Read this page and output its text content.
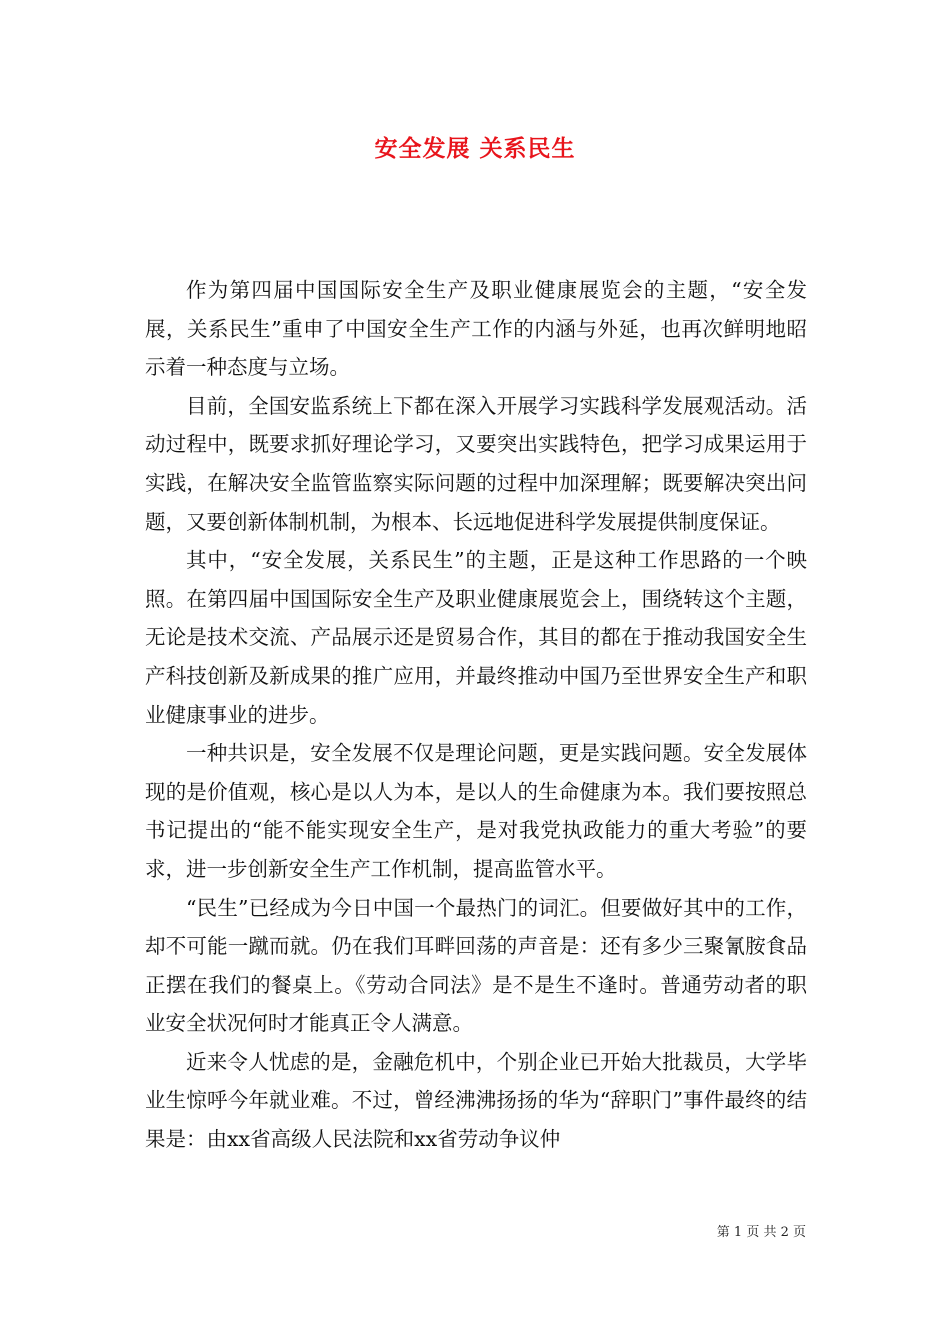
安全发展 关系民生

作为第四届中国国际安全生产及职业健康展览会的主题，“安全发展，关系民生”重申了中国安全生产工作的内涵与外延，也再次鲜明地昭示着一种态度与立场。

目前，全国安监系统上下都在深入开展学习实践科学发展观活动。活动过程中，既要求抓好理论学习，又要突出实践特色，把学习成果运用于实践，在解决安全监管监察实际问题的过程中加深理解；既要解决突出问题，又要创新体制机制，为根本、长远地促进科学发展提供制度保证。

其中，“安全发展，关系民生”的主题，正是这种工作思路的一个映照。在第四届中国国际安全生产及职业健康展览会上，围绕转这个主题，无论是技术交流、产品展示还是贸易合作，其目的都在于推动我国安全生产科技创新及新成果的推广应用，并最终推动中国乃至世界安全生产和职业健康事业的进步。

一种共识是，安全发展不仅是理论问题，更是实践问题。安全发展体现的是价值观，核心是以人为本，是以人的生命健康为本。我们要按照总书记提出的“能不能实现安全生产，是对我党执政能力的重大考验”的要求，进一步创新安全生产工作机制，提高监管水平。

“民生”已经成为今日中国一个最热门的词汇。但要做好其中的工作，却不可能一蹴而就。仍在我们耳畔回荡的声音是：还有多少三聚氰胺食品正摆在我们的餐桌上。《劳动合同法》是不是生不逢时。普通劳动者的职业安全状况何时才能真正令人满意。

近来令人忧虑的是，金融危机中，个别企业已开始大批裁员，大学毕业生惊呼今年就业难。不过，曾经沸沸扬扬的华为“辞职门”事件最终的结果是：由xx省高级人民法院和xx省劳动争议仲

第 1 页 共 2 页
